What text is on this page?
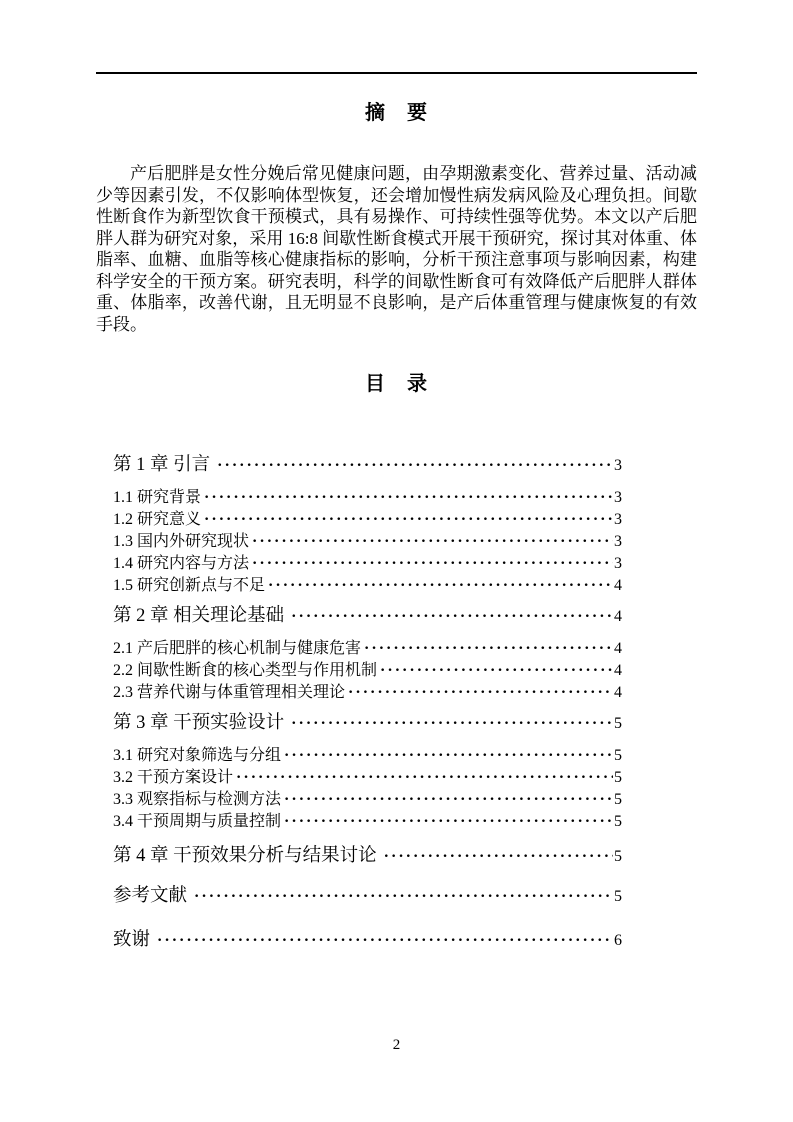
摘　要

产后肥胖是女性分娩后常见健康问题，由孕期激素变化、营养过量、活动减少等因素引发，不仅影响体型恢复，还会增加慢性病发病风险及心理负担。间歇性断食作为新型饮食干预模式，具有易操作、可持续性强等优势。本文以产后肥胖人群为研究对象，采用 16:8 间歇性断食模式开展干预研究，探讨其对体重、体脂率、血糖、血脂等核心健康指标的影响，分析干预注意事项与影响因素，构建科学安全的干预方案。研究表明，科学的间歇性断食可有效降低产后肥胖人群体重、体脂率，改善代谢，且无明显不良影响，是产后体重管理与健康恢复的有效手段。

目　录
第 1 章 引言 ·····	3
1.1 研究背景 ·····	3
1.2 研究意义 ·····	3
1.3 国内外研究现状 ·····	3
1.4 研究内容与方法 ·····	3
1.5 研究创新点与不足 ·····	4
第 2 章 相关理论基础 ·····	4
2.1 产后肥胖的核心机制与健康危害 ·····	4
2.2 间歇性断食的核心类型与作用机制 ·····	4
2.3 营养代谢与体重管理相关理论 ·····	4
第 3 章 干预实验设计 ·····	5
3.1 研究对象筛选与分组 ·····	5
3.2 干预方案设计 ·····	5
3.3 观察指标与检测方法 ·····	5
3.4 干预周期与质量控制 ·····	5
第 4 章 干预效果分析与结果讨论 ·····	5
参考文献 ·····	5
致谢 ·····	6
2
